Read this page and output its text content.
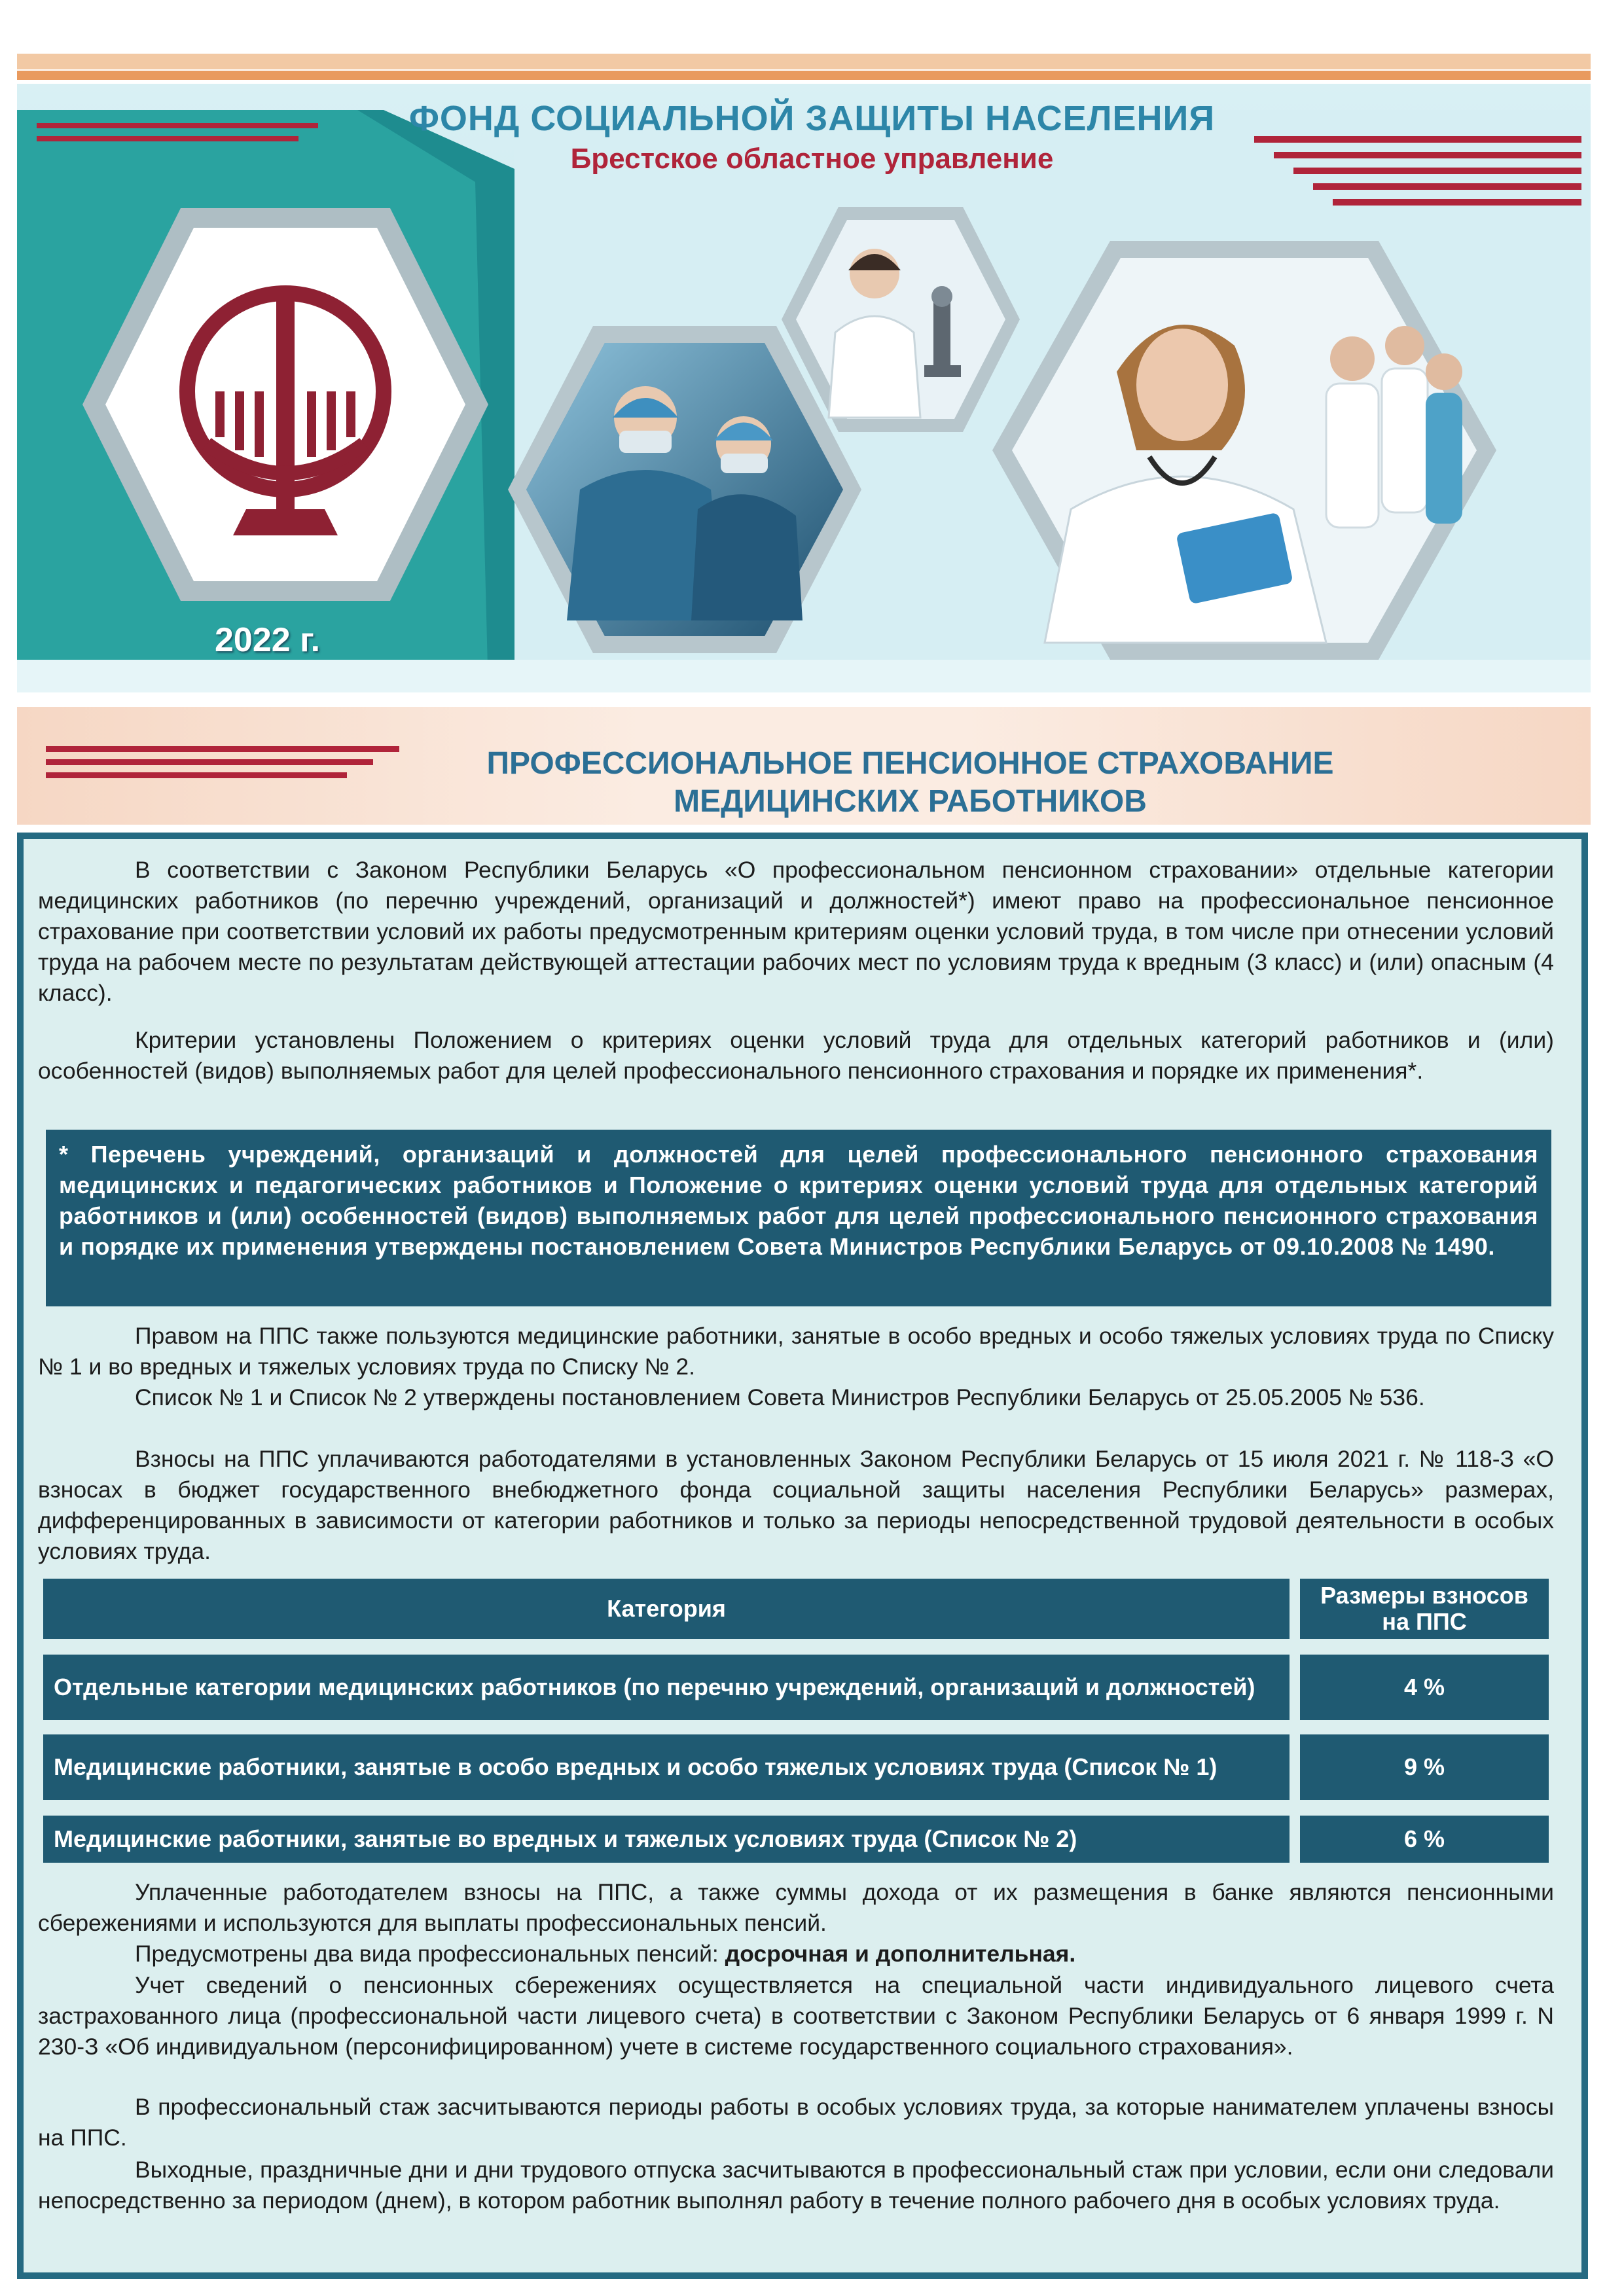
ФОНД СОЦИАЛЬНОЙ ЗАЩИТЫ НАСЕЛЕНИЯ
Брестское областное управление
2022 г.
ПРОФЕССИОНАЛЬНОЕ ПЕНСИОННОЕ СТРАХОВАНИЕ
МЕДИЦИНСКИХ РАБОТНИКОВ
В соответствии с Законом Республики Беларусь «О профессиональном пенсионном страховании» отдельные категории медицинских работников (по перечню учреждений, организаций и должностей*) имеют право на профессиональное пенсионное страхование при соответствии условий их работы предусмотренным критериям оценки условий труда, в том числе при отнесении условий труда на рабочем месте по результатам действующей аттестации рабочих мест по условиям труда к вредным (3 класс) и (или) опасным (4 класс).
Критерии установлены Положением о критериях оценки условий труда для отдельных категорий работников и (или) особенностей (видов) выполняемых работ для целей профессионального пенсионного страхования и порядке их применения*.
* Перечень учреждений, организаций и должностей для целей профессионального пенсионного страхования медицинских и педагогических работников и Положение о критериях оценки условий труда для отдельных категорий работников и (или) особенностей (видов) выполняемых работ для целей профессионального пенсионного страхования и порядке их применения утверждены постановлением Совета Министров Республики Беларусь от 09.10.2008 № 1490.
Правом на ППС также пользуются медицинские работники, занятые в особо вредных и особо тяжелых условиях труда по Списку № 1 и во вредных и тяжелых условиях труда по Списку № 2.
Список № 1 и Список № 2 утверждены постановлением Совета Министров Республики Беларусь от 25.05.2005 № 536.
Взносы на ППС уплачиваются работодателями в установленных Законом Республики Беларусь от 15 июля 2021 г. № 118-З «О взносах в бюджет государственного внебюджетного фонда социальной защиты населения Республики Беларусь» размерах, дифференцированных в зависимости от категории работников и только за периоды непосредственной трудовой деятельности в особых условиях труда.
Категория	Размеры взносов на ППС
Отдельные категории медицинских работников (по перечню учреждений, организаций и должностей)	4 %
Медицинские работники, занятые в особо вредных и особо тяжелых условиях труда (Список № 1)	9 %
Медицинские работники, занятые во вредных и тяжелых условиях труда (Список № 2)	6 %
Уплаченные работодателем взносы на ППС, а также суммы дохода от их размещения в банке являются пенсионными сбережениями и используются для выплаты профессиональных пенсий.
Предусмотрены два вида профессиональных пенсий: досрочная и дополнительная.
Учет сведений о пенсионных сбережениях осуществляется на специальной части индивидуального лицевого счета застрахованного лица (профессиональной части лицевого счета) в соответствии с Законом Республики Беларусь от 6 января 1999 г. N 230-З «Об индивидуальном (персонифицированном) учете в системе государственного социального страхования».
В профессиональный стаж засчитываются периоды работы в особых условиях труда, за которые нанимателем уплачены взносы на ППС.
Выходные, праздничные дни и дни трудового отпуска засчитываются в профессиональный стаж при условии, если они следовали непосредственно за периодом (днем), в котором работник выполнял работу в течение полного рабочего дня в особых условиях труда.
